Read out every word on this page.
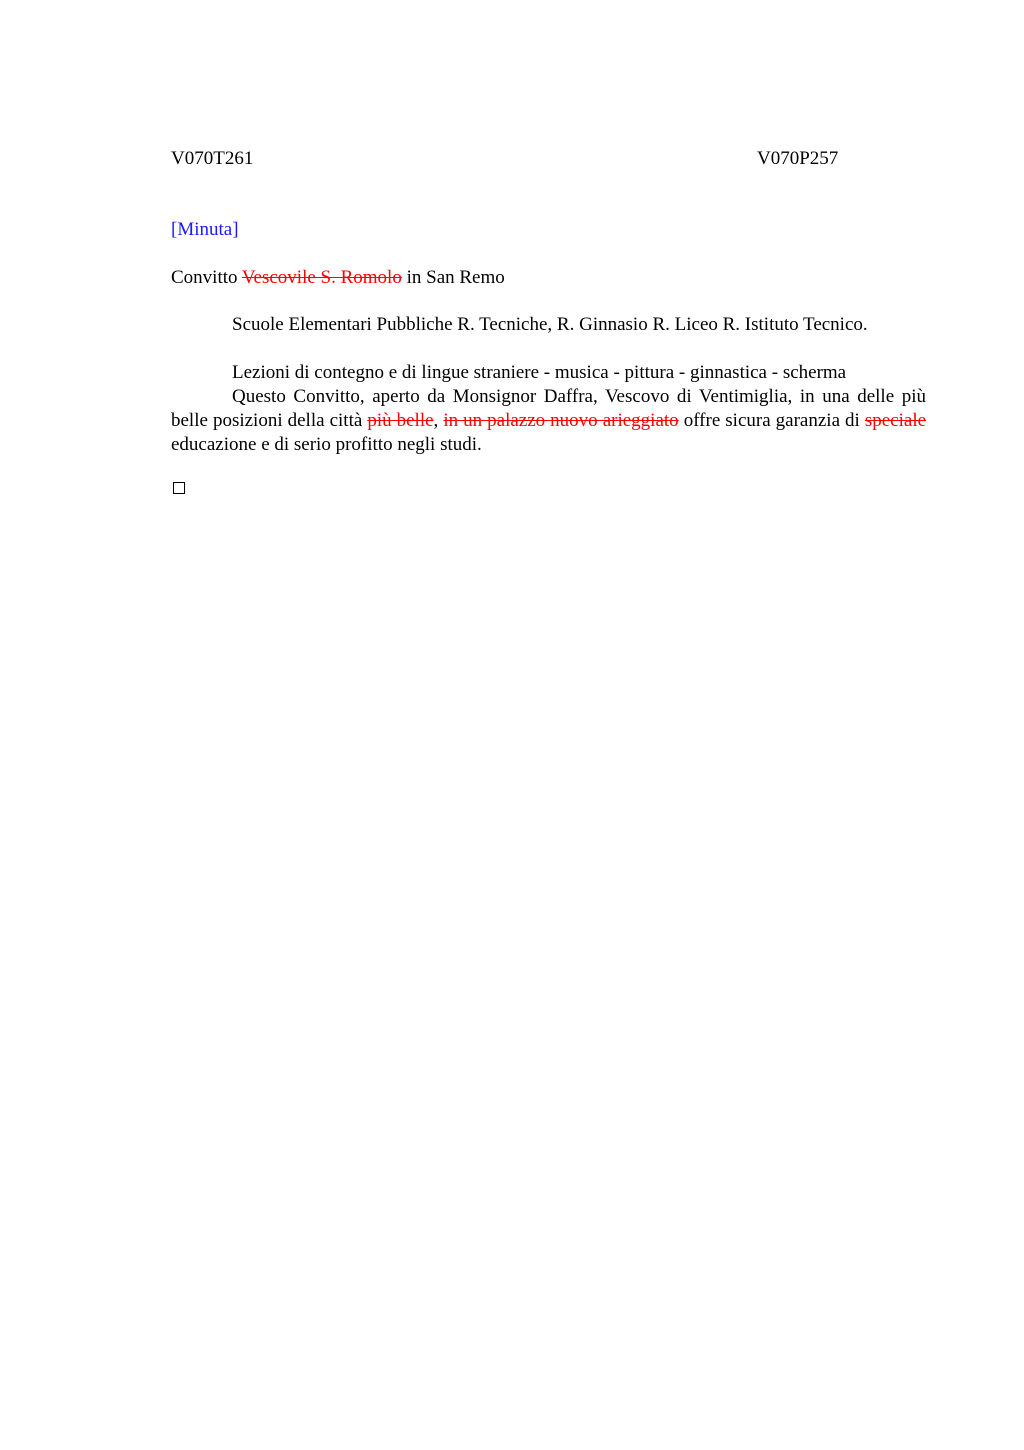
V070T261	V070P257
[Minuta]
Convitto Vescovile S. Romolo in San Remo
Scuole Elementari Pubbliche R. Tecniche, R. Ginnasio R. Liceo R. Istituto Tecnico.
Lezioni di contegno e di lingue straniere - musica - pittura - ginnastica - scherma
Questo Convitto, aperto da Monsignor Daffra, Vescovo di Ventimiglia, in una delle più belle posizioni della città più belle, in un palazzo nuovo arieggiato offre sicura garanzia di speciale educazione e di serio profitto negli studi.
